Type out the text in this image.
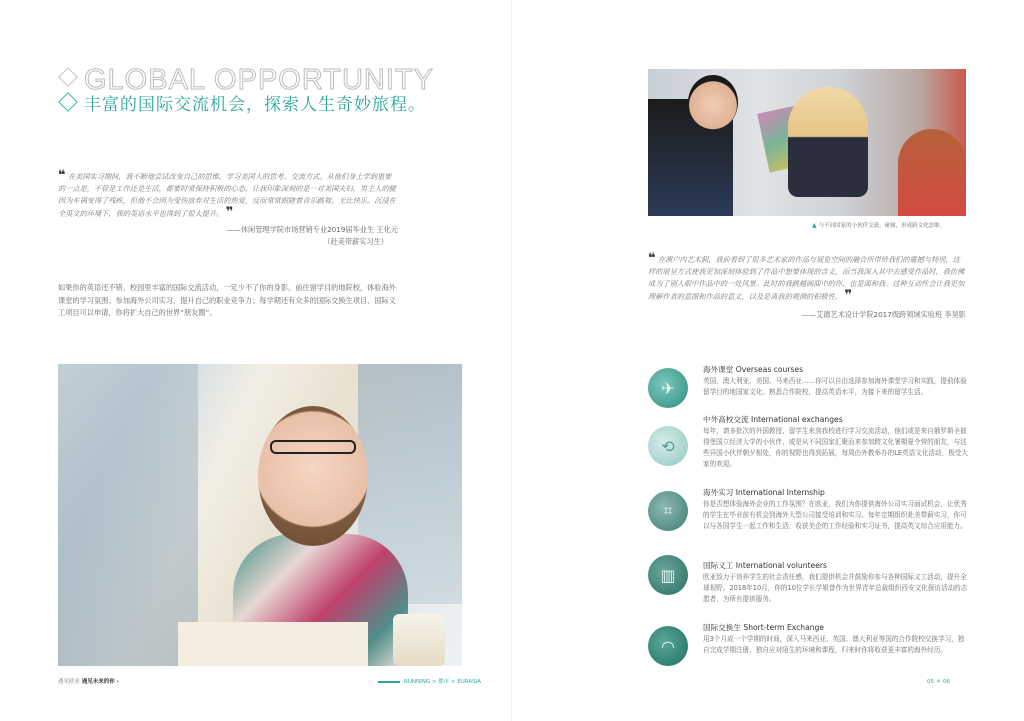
GLOBAL OPPORTUNITY
丰富的国际交流机会，探索人生奇妙旅程。
❝ 在美国实习期间，我不断地尝试改变自己的思维，学习美国人的思考、交流方式。从他们身上学到重要的一点是，不管是工作还是生活，都要时常保持积极的心态，让我印象深刻的是一对美国夫妇，男主人的腿因为车祸变得了残疾，但他不会因为受伤放弃对生活的热爱，反而常常跟随着音乐跳舞，无比快乐。沉浸在全英文的环境下，我的英语水平也得到了很大提升。 ❞
——休闲管理学院市场营销专业2019届毕业生 王化元
（赴美带薪实习生）
如果你的英语还不错，校园里丰富的国际交流活动，一定少不了你的身影。前往留学目的地院校，体验海外课堂的学习氛围；参加海外公司实习，提升自己的职业竞争力；每学期还有众多的国际交换生项目、国际义工项目可以申请，你将扩大自己的世界“朋友圈”。
▲ 与不同国家的小伙伴交流、碰撞，形成跨文化思维。
❝ 在澳户内艺术假，我前看到了很多艺术家的作品与展览空间的融合所带给我们的震撼与特別，这样的展呈方式使我更加深刻体验到了作品中想要体现的含义，而当我深入其中去感受作品时，我仿佛成为了别人眼中作品中的一处风景。此时的我跳越画面中的你，也是面和我。这种互动性会让我更加理解作者的意图和作品的意义，以及是离我的观测的积极性。 ❞
——艾德艺术设计学院2017级跨领域实验班 李昊影
✈
海外课堂 Overseas courses
英国、澳大利亚、美国、马来西亚……你可以自由选择参加海外课堂学习和实践，提前体验留学目的地国家文化、熟悉合作院校，提高英语水平，为接下来的留学生活。
⟲
中外高校交流 International exchanges
每年，请多批次的外国教授、留学生来到我校进行学习交流活动，他们或是来自俄罗斯圣彼得堡国立经济大学的小伙伴，或是从不同国家汇聚而来参加跨文化暑期夏令营的朋友，与这些异国小伙伴朝夕相处，你的视野也得到拓展，每周由外教举办的LE英语文化活动，极受大家的欢迎。
⌗
海外实习 International Internship
你是否想体验海外企业的工作氛围？在欧亚，我们为你提供海外公司实习面试机会，让优秀的学生在毕业前有机会到海外大型公司接受培训和实习。每年定期组织赴美带薪实习，你可以与各国学生一起工作和生活，收获美企的工作经验和实习证书，提高英文综合应用能力。
▥	国际义工 International volunteers
欧亚致力于培养学生的社会责任感，我们提供机会并鼓励你参与各种国际义工活动，提升全球视野。2018年10月，你的10位学长学姐曾作为世界青年总裁组织西安文化探访活动的志愿者，为所有提供服务。
◠
国际交换生 Short-term Exchange
用3个月或一个学期的时间，深入马来西亚、英国、澳大利亚等国的合作院校交换学习，独自完成学期注册、独自应对陌生的环境和课程，归来时你将收获更丰富的海外经历。
遇见欧亚 遇见未来的你 ›	RUNNING > 都市 > EURASIA	05 ＊ 06
